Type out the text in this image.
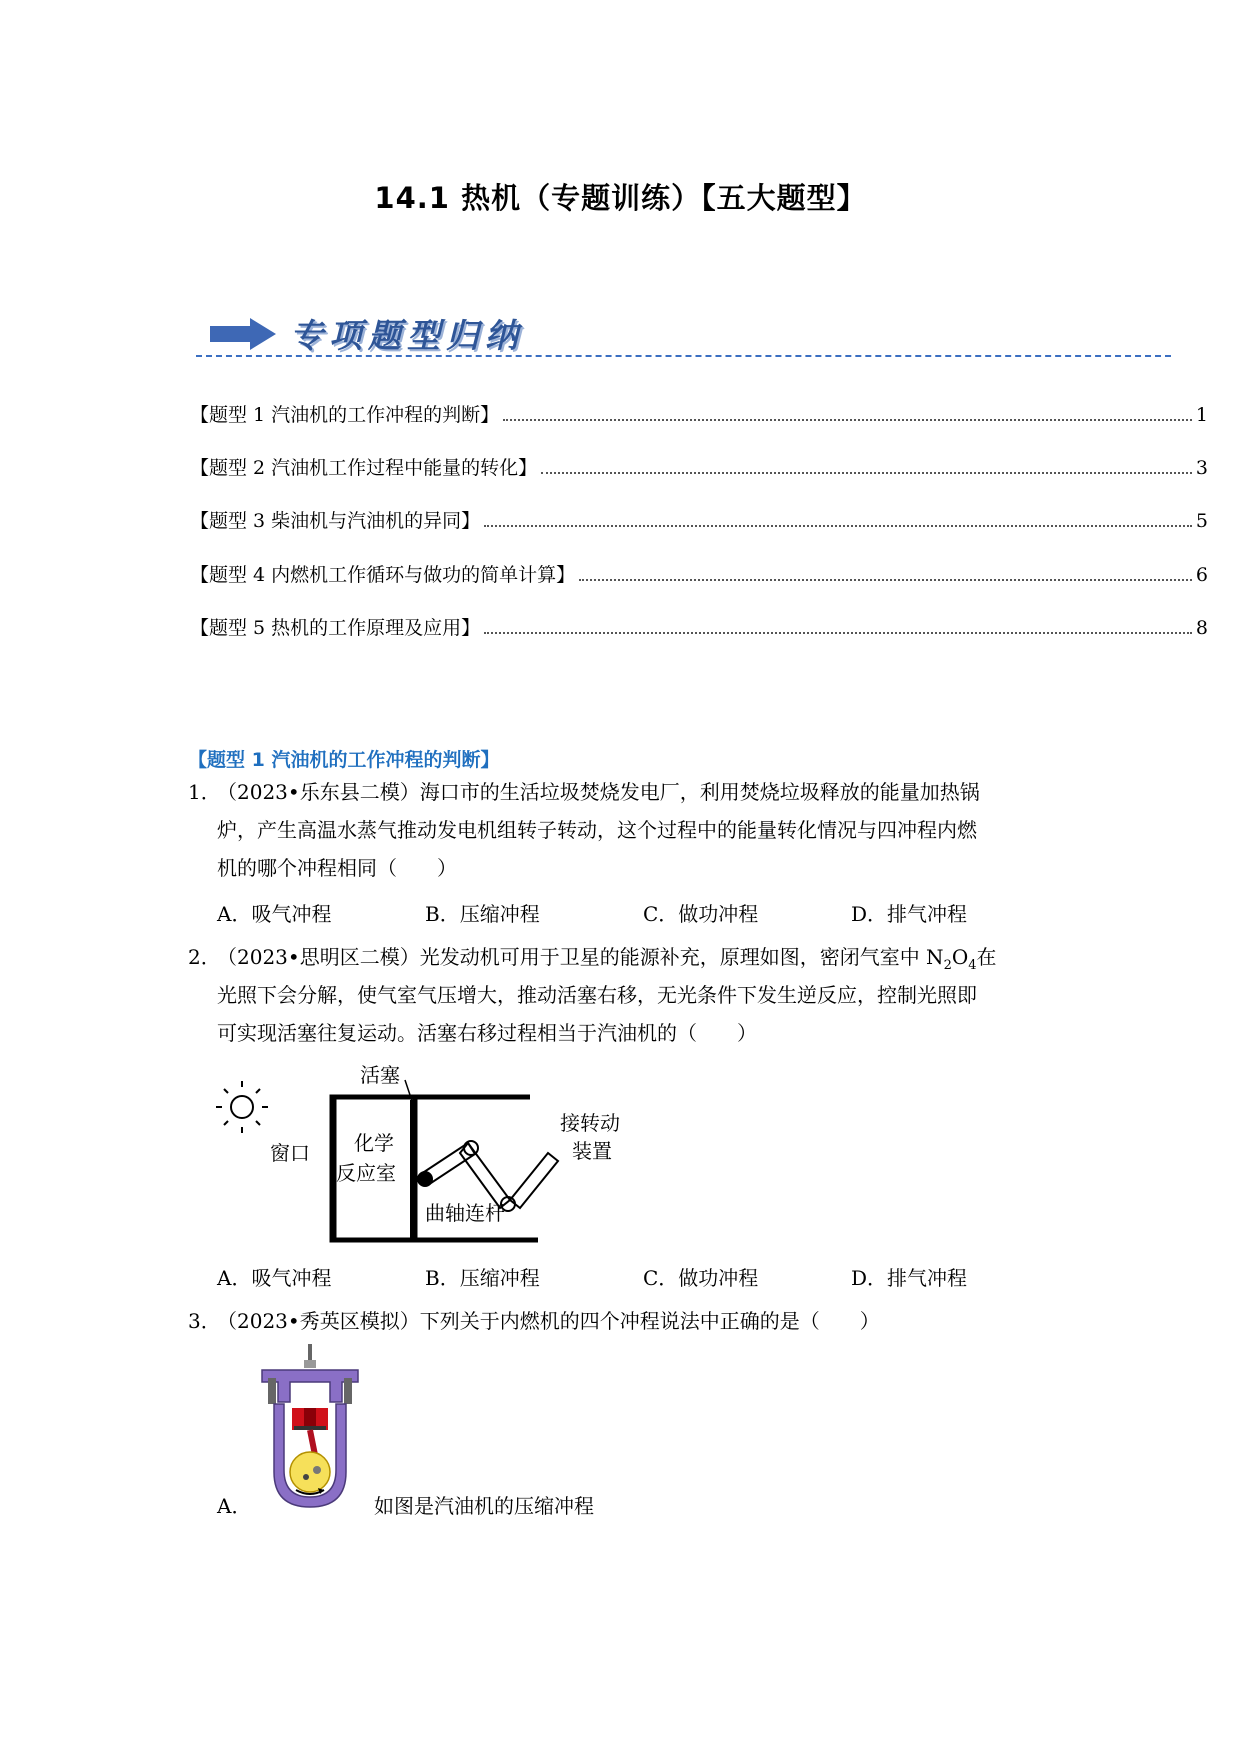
14.1 热机（专题训练）【五大题型】
专项题型归纳
【题型 1 汽油机的工作冲程的判断】	1
【题型 2 汽油机工作过程中能量的转化】	3
【题型 3 柴油机与汽油机的异同】	5
【题型 4 内燃机工作循环与做功的简单计算】	6
【题型 5 热机的工作原理及应用】	8
【题型 1 汽油机的工作冲程的判断】
1．
（2023•乐东县二模）海口市的生活垃圾焚烧发电厂，利用焚烧垃圾释放的能量加热锅
炉，产生高温水蒸气推动发电机组转子转动，这个过程中的能量转化情况与四冲程内燃
机的哪个冲程相同（　　）
A．吸气冲程	B．压缩冲程	C．做功冲程	D．排气冲程
2．
（2023•思明区二模）光发动机可用于卫星的能源补充，原理如图，密闭气室中 $N_2O_4$在
光照下会分解，使气室气压增大，推动活塞右移，无光条件下发生逆反应，控制光照即
可实现活塞往复运动。活塞右移过程相当于汽油机的（　　）
活塞
窗口 化学
反应室
曲轴连杆
接转动
装置
A．吸气冲程	B．压缩冲程	C．做功冲程	D．排气冲程
3．
（2023•秀英区模拟）下列关于内燃机的四个冲程说法中正确的是（　　）
A．	如图是汽油机的压缩冲程
